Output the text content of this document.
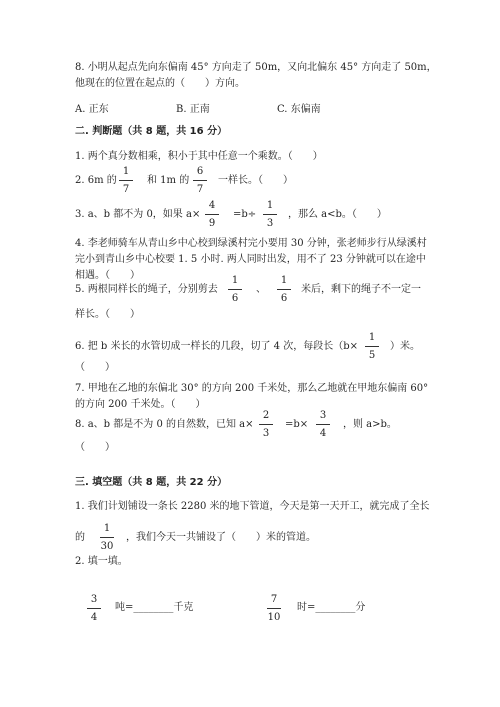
8. 小明从起点先向东偏南 45° 方向走了 50m，又向北偏东 45° 方向走了 50m，
他现在的位置在起点的（　　）方向。
A. 正东	B. 正南	C. 东偏南
二. 判断题（共 8 题，共 16 分）
1. 两个真分数相乘，积小于其中任意一个乘数。（　　）
2. 6m 的
1
7
和 1m 的
6
7
一样长。（　　）
3. a、b 都不为 0，如果 a×
4
9
=b÷
1
3
，那么 a<b。（　　）
4. 李老师骑车从青山乡中心校到绿溪村完小要用 30 分钟，张老师步行从绿溪村
完小到青山乡中心校要 1. 5 小时. 两人同时出发，用不了 23 分钟就可以在途中
相遇。（　　）
5. 两根同样长的绳子，分别剪去
1
6
、
1
6
米后，剩下的绳子不一定一
样长。（　　）
6. 把 b 米长的水管切成一样长的几段，切了 4 次，每段长（b×
1
5
）米。
（　　）
7. 甲地在乙地的东偏北 30° 的方向 200 千米处，那么乙地就在甲地东偏南 60°
的方向 200 千米处。（　　）
8. a、b 都是不为 0 的自然数，已知 a×
2
3
=b×
3
4
，则 a>b。
（　　）
三. 填空题（共 8 题，共 22 分）
1. 我们计划铺设一条长 2280 米的地下管道，今天是第一天开工，就完成了全长
的
1
30
，我们今天一共铺设了（　　）米的管道。
2. 填一填。
3
4
吨=________千克
7
10
时=________分
